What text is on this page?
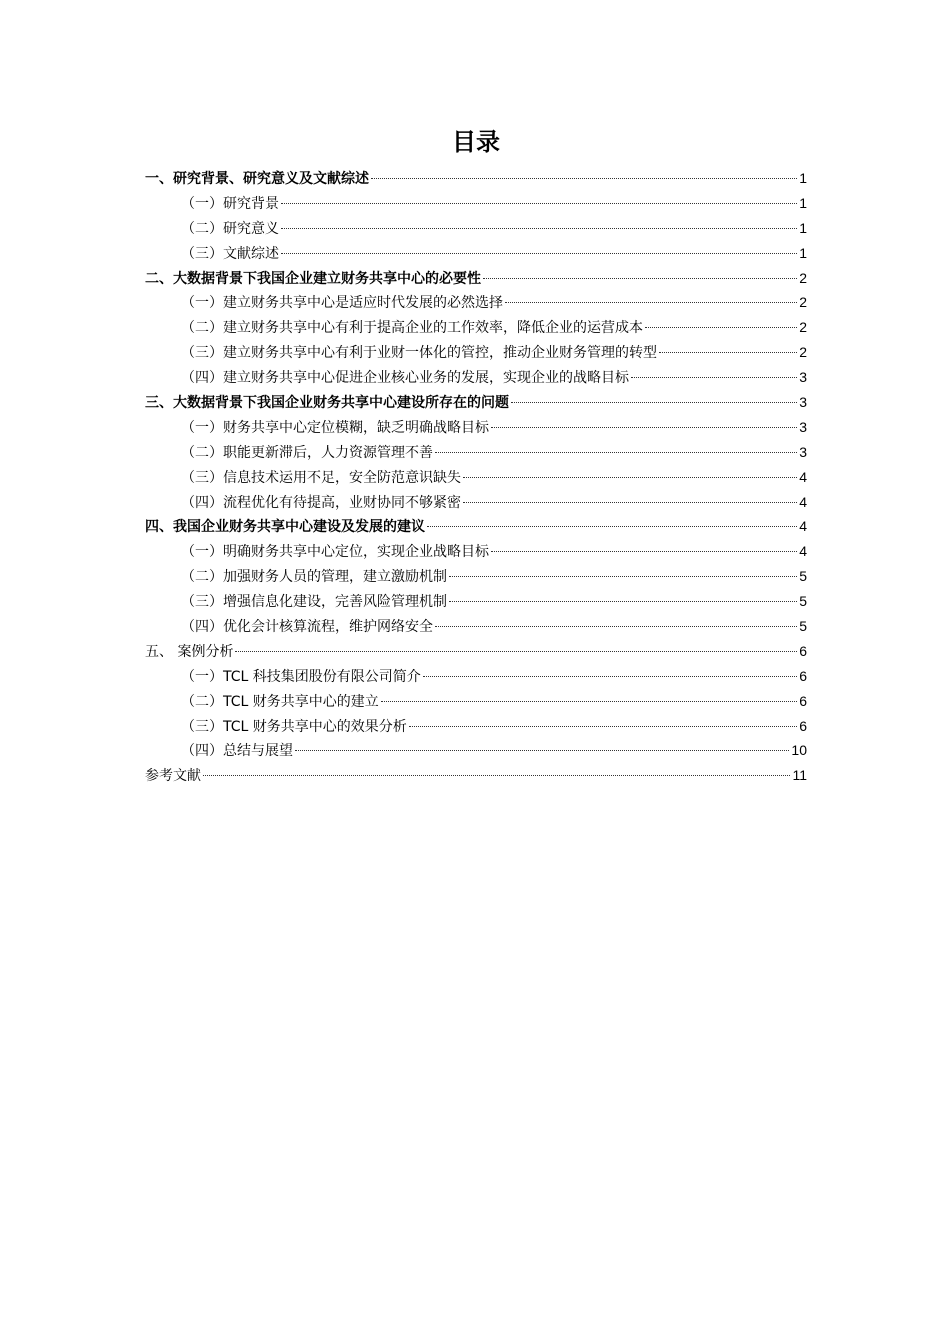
目录
一、研究背景、研究意义及文献综述	1
（一）研究背景	1
（二）研究意义	1
（三）文献综述	1
二、大数据背景下我国企业建立财务共享中心的必要性	2
（一）建立财务共享中心是适应时代发展的必然选择	2
（二）建立财务共享中心有利于提高企业的工作效率，降低企业的运营成本	2
（三）建立财务共享中心有利于业财一体化的管控，推动企业财务管理的转型	2
（四）建立财务共享中心促进企业核心业务的发展，实现企业的战略目标	3
三、大数据背景下我国企业财务共享中心建设所存在的问题	3
（一）财务共享中心定位模糊，缺乏明确战略目标	3
（二）职能更新滞后，人力资源管理不善	3
（三）信息技术运用不足，安全防范意识缺失	4
（四）流程优化有待提高，业财协同不够紧密	4
四、我国企业财务共享中心建设及发展的建议	4
（一）明确财务共享中心定位，实现企业战略目标	4
（二）加强财务人员的管理，建立激励机制	5
（三）增强信息化建设，完善风险管理机制	5
（四）优化会计核算流程，维护网络安全	5
五、 案例分析	6
（一）TCL 科技集团股份有限公司简介	6
（二）TCL 财务共享中心的建立	6
（三）TCL 财务共享中心的效果分析	6
（四）总结与展望	10
参考文献	11
